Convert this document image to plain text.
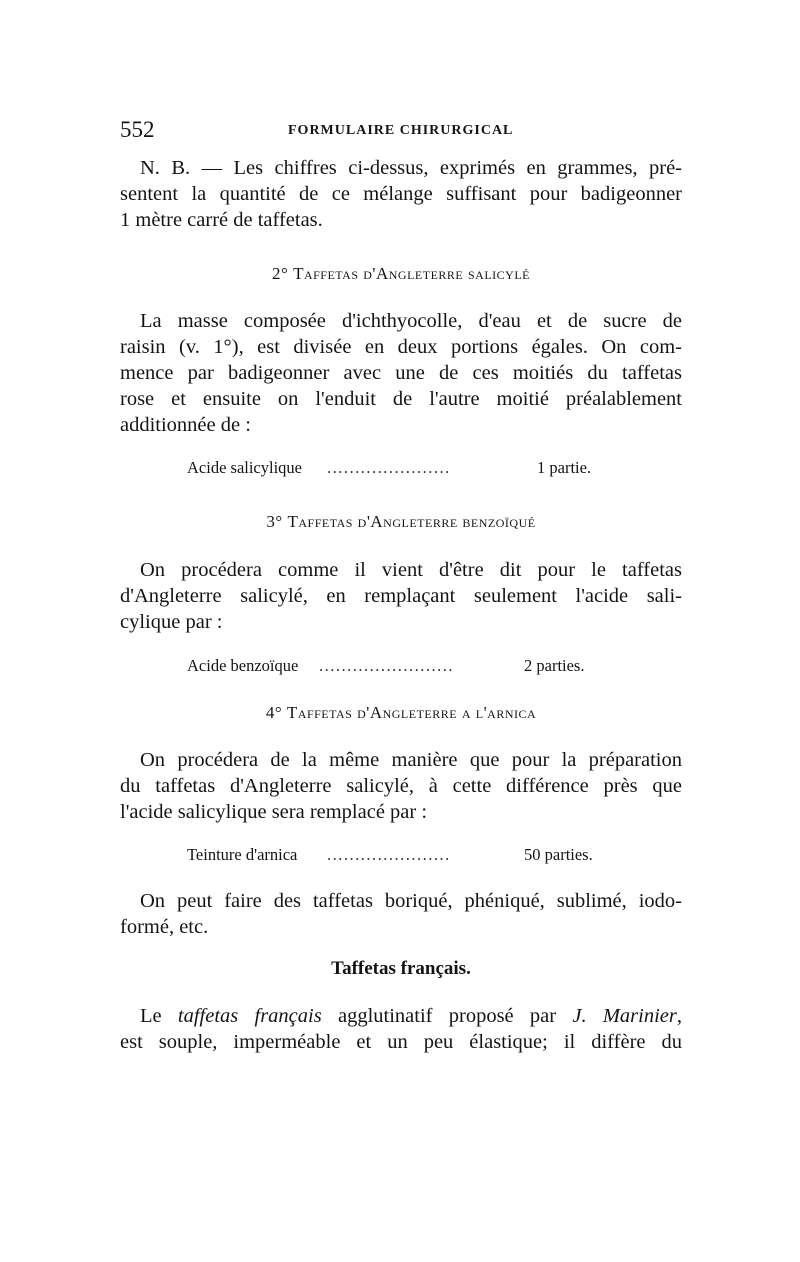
552	FORMULAIRE CHIRURGICAL
N. B. — Les chiffres ci-dessus, exprimés en grammes, pré-
sentent la quantité de ce mélange suffisant pour badigeonner
1 mètre carré de taffetas.
2° Taffetas d'Angleterre salicylé
La masse composée d'ichthyocolle, d'eau et de sucre de
raisin (v. 1°), est divisée en deux portions égales. On com-
mence par badigeonner avec une de ces moitiés du taffetas
rose et ensuite on l'enduit de l'autre moitié préalablement
additionnée de :
Acide salicylique ......................	1 partie.
3° Taffetas d'Angleterre benzoïqué
On procédera comme il vient d'être dit pour le taffetas
d'Angleterre salicylé, en remplaçant seulement l'acide sali-
cylique par :
Acide benzoïque ........................	2 parties.
4° Taffetas d'Angleterre a l'arnica
On procédera de la même manière que pour la préparation
du taffetas d'Angleterre salicylé, à cette différence près que
l'acide salicylique sera remplacé par :
Teinture d'arnica ......................	50 parties.
On peut faire des taffetas boriqué, phéniqué, sublimé, iodo-
formé, etc.
Taffetas français.
Le taffetas français agglutinatif proposé par J. Marinier,
est souple, imperméable et un peu élastique; il diffère du
